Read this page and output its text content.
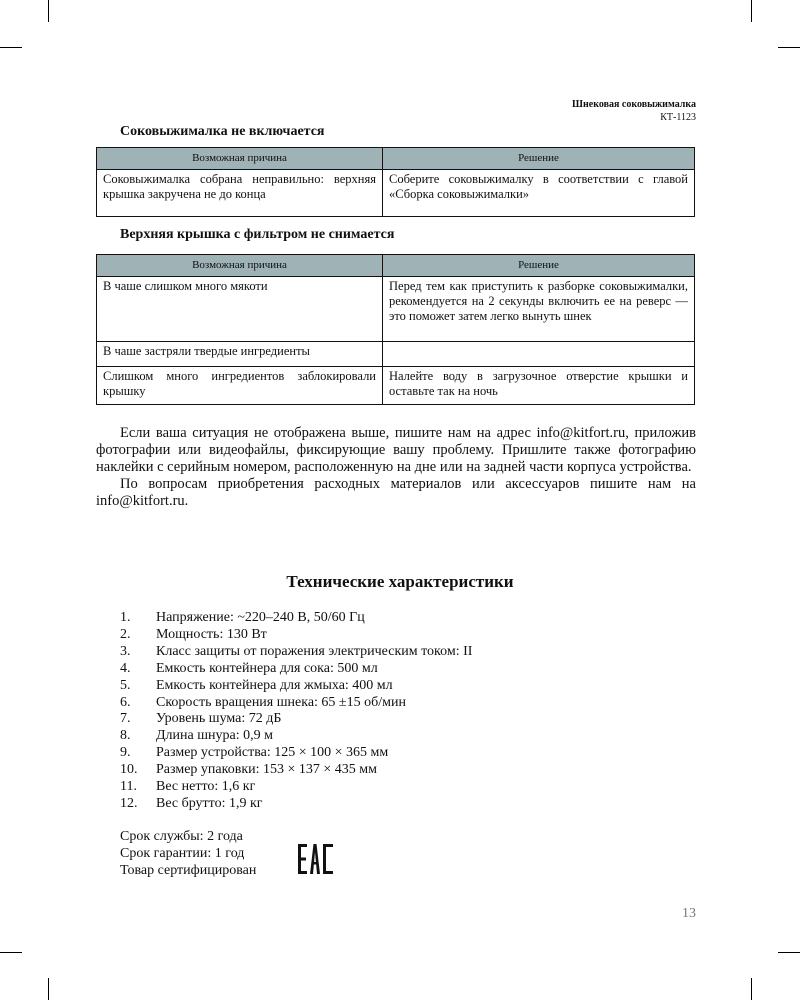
Шнековая соковыжималка
КТ-1123
Соковыжималка не включается
Возможная причина	Решение
Соковыжималка собрана неправильно: верхняя крышка закручена не до конца	Соберите соковыжималку в соответствии с главой «Сборка соковыжималки»
Верхняя крышка с фильтром не снимается
Возможная причина	Решение
В чаше слишком много мякоти	Перед тем как приступить к разборке соковыжималки, рекомендуется на 2 секунды включить ее на реверс — это поможет затем легко вынуть шнек
В чаше застряли твердые ингредиенты	
Слишком много ингредиентов заблокировали крышку	Налейте воду в загрузочное отверстие крышки и оставьте так на ночь

Если ваша ситуация не отображена выше, пишите нам на адрес info@kitfort.ru, приложив фотографии или видеофайлы, фиксирующие вашу проблему. Пришлите также фотографию наклейки с серийным номером, расположенную на дне или на задней части корпуса устройства.

По вопросам приобретения расходных материалов или аксессуаров пишите нам на info@kitfort.ru.

Технические характеристики
1.	Напряжение: ~220–240 В, 50/60 Гц
2.	Мощность: 130 Вт
3.	Класс защиты от поражения электрическим током: II
4.	Емкость контейнера для сока: 500 мл
5.	Емкость контейнера для жмыха: 400 мл
6.	Скорость вращения шнека: 65 ±15 об/мин
7.	Уровень шума: 72 дБ
8.	Длина шнура: 0,9 м
9.	Размер устройства: 125 × 100 × 365 мм
10.	Размер упаковки: 153 × 137 × 435 мм
11.	Вес нетто: 1,6 кг
12.	Вес брутто: 1,9 кг
Срок службы: 2 года
Срок гарантии: 1 год
Товар сертифицирован
13
